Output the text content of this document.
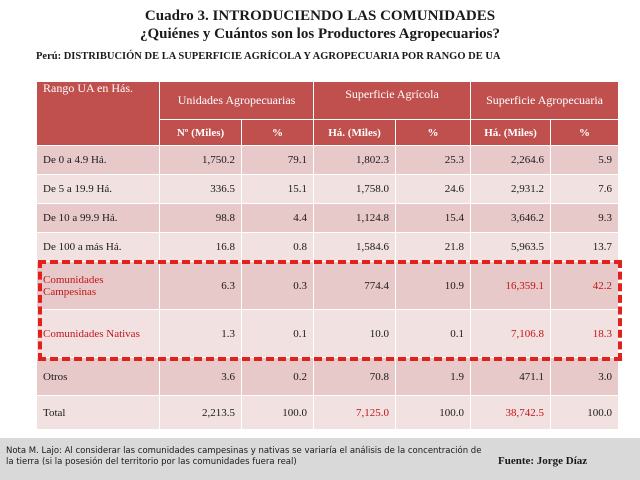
Cuadro 3. INTRODUCIENDO LAS COMUNIDADES
¿Quiénes y Cuántos son los Productores Agropecuarios?
Perú: DISTRIBUCIÓN DE LA SUPERFICIE AGRÍCOLA Y AGROPECUARIA POR RANGO DE UA
Rango UA en Hás.	Unidades Agropecuarias		Superficie Agrícola		Superficie Agropecuaria	
	Nº (Miles)	%	Há. (Miles)	%	Há. (Miles)	%
De 0 a 4.9 Há.	1,750.2	79.1	1,802.3	25.3	2,264.6	5.9
De 5 a 19.9 Há.	336.5	15.1	1,758.0	24.6	2,931.2	7.6
De 10 a 99.9 Há.	98.8	4.4	1,124.8	15.4	3,646.2	9.3
De 100 a más Há.	16.8	0.8	1,584.6	21.8	5,963.5	13.7
Comunidades Campesinas	6.3	0.3	774.4	10.9	16,359.1	42.2
Comunidades Nativas	1.3	0.1	10.0	0.1	7,106.8	18.3
Otros	3.6	0.2	70.8	1.9	471.1	3.0
Total	2,213.5	100.0	7,125.0	100.0	38,742.5	100.0
Nota M. Lajo: Al considerar las comunidades campesinas y nativas se variaría el análisis de la concentración de la tierra (si la posesión del territorio por las comunidades fuera real)	Fuente: Jorge Díaz
